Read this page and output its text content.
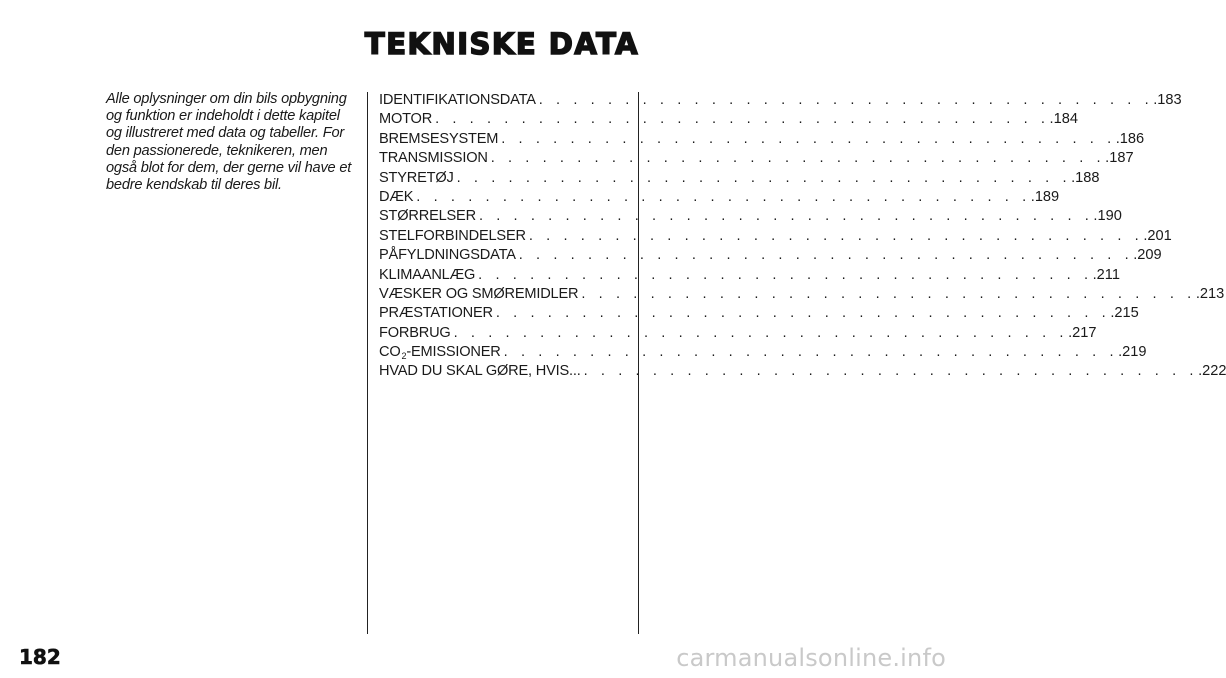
TEKNISKE DATA

Alle oplysninger om din bils opbygning og funktion er indeholdt i dette kapitel og illustreret med data og tabeller. For den passionerede, teknikeren, men også blot for dem, der gerne vil have et bedre kendskab til deres bil.

IDENTIFIKATIONSDATA . . . . . . . . . . . . . . . . . . . . . . . . . . . . . . . . . . . . .183
MOTOR . . . . . . . . . . . . . . . . . . . . . . . . . . . . . . . . . . . . .184
BREMSESYSTEM . . . . . . . . . . . . . . . . . . . . . . . . . . . . . . . . . . . . .186
TRANSMISSION . . . . . . . . . . . . . . . . . . . . . . . . . . . . . . . . . . . . .187
STYRETØJ . . . . . . . . . . . . . . . . . . . . . . . . . . . . . . . . . . . . .188
DÆK . . . . . . . . . . . . . . . . . . . . . . . . . . . . . . . . . . . . .189
STØRRELSER . . . . . . . . . . . . . . . . . . . . . . . . . . . . . . . . . . . . .190
STELFORBINDELSER . . . . . . . . . . . . . . . . . . . . . . . . . . . . . . . . . . . . .201
PÅFYLDNINGSDATA . . . . . . . . . . . . . . . . . . . . . . . . . . . . . . . . . . . . .209
KLIMAANLÆG . . . . . . . . . . . . . . . . . . . . . . . . . . . . . . . . . . . . .211
VÆSKER OG SMØREMIDLER . . . . . . . . . . . . . . . . . . . . . . . . . . . . . . . . . . . . .213
PRÆSTATIONER . . . . . . . . . . . . . . . . . . . . . . . . . . . . . . . . . . . . .215
FORBRUG . . . . . . . . . . . . . . . . . . . . . . . . . . . . . . . . . . . . .217
CO $_2$-EMISSIONER . . . . . . . . . . . . . . . . . . . . . . . . . . . . . . . . . . . . .219
HVAD DU SKAL GØRE, HVIS... . . . . . . . . . . . . . . . . . . . . . . . . . . . . . . . . . . . . .222
182	carmanualsonline.info
